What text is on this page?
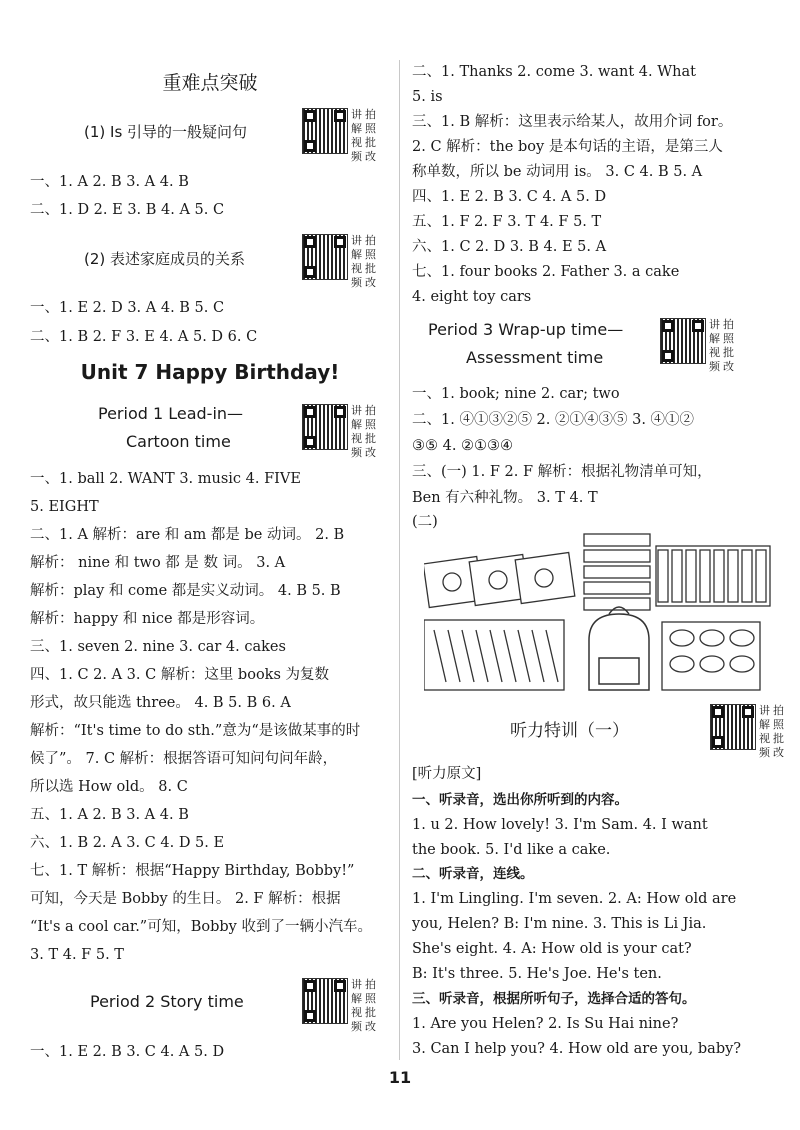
重难点突破
(1) Is 引导的一般疑问句
讲 拍
解 照
视 批
频 改
一、1. A 2. B 3. A 4. B
二、1. D 2. E 3. B 4. A 5. C
(2) 表述家庭成员的关系
讲 拍
解 照
视 批
频 改
一、1. E 2. D 3. A 4. B 5. C
二、1. B 2. F 3. E 4. A 5. D 6. C
Unit 7 Happy Birthday!
Period 1 Lead-in—
Cartoon time
讲 拍
解 照
视 批
频 改
一、1. ball 2. WANT 3. music 4. FIVE
5. EIGHT
二、1. A 解析：are 和 am 都是 be 动词。 2. B
解析： nine 和 two 都 是 数 词。 3. A
解析：play 和 come 都是实义动词。 4. B 5. B
解析：happy 和 nice 都是形容词。
三、1. seven 2. nine 3. car 4. cakes
四、1. C 2. A 3. C 解析：这里 books 为复数
形式，故只能选 three。 4. B 5. B 6. A
解析：“It's time to do sth.”意为“是该做某事的时
候了”。 7. C 解析：根据答语可知问句问年龄，
所以选 How old。 8. C
五、1. A 2. B 3. A 4. B
六、1. B 2. A 3. C 4. D 5. E
七、1. T 解析：根据“Happy Birthday, Bobby!”
可知，今天是 Bobby 的生日。 2. F 解析：根据
“It's a cool car.”可知，Bobby 收到了一辆小汽车。
3. T 4. F 5. T
Period 2 Story time
讲 拍
解 照
视 批
频 改
一、1. E 2. B 3. C 4. A 5. D
二、1. Thanks 2. come 3. want 4. What
5. is
三、1. B 解析：这里表示给某人，故用介词 for。
2. C 解析：the boy 是本句话的主语，是第三人
称单数，所以 be 动词用 is。 3. C 4. B 5. A
四、1. E 2. B 3. C 4. A 5. D
五、1. F 2. F 3. T 4. F 5. T
六、1. C 2. D 3. B 4. E 5. A
七、1. four books 2. Father 3. a cake
4. eight toy cars
Period 3 Wrap-up time—
Assessment time
讲 拍
解 照
视 批
频 改
一、1. book; nine 2. car; two
二、1. ④①③②⑤ 2. ②①④③⑤ 3. ④①②
③⑤ 4. ②①③④
三、(一) 1. F 2. F 解析：根据礼物清单可知，
Ben 有六种礼物。 3. T 4. T
(二)
听力特训（一）
讲 拍
解 照
视 批
频 改
[听力原文]
一、听录音，选出你所听到的内容。
1. u 2. How lovely! 3. I'm Sam. 4. I want
the book. 5. I'd like a cake.
二、听录音，连线。
1. I'm Lingling. I'm seven. 2. A: How old are
you, Helen? B: I'm nine. 3. This is Li Jia.
She's eight. 4. A: How old is your cat?
B: It's three. 5. He's Joe. He's ten.
三、听录音，根据所听句子，选择合适的答句。
1. Are you Helen? 2. Is Su Hai nine?
3. Can I help you? 4. How old are you, baby?
11
